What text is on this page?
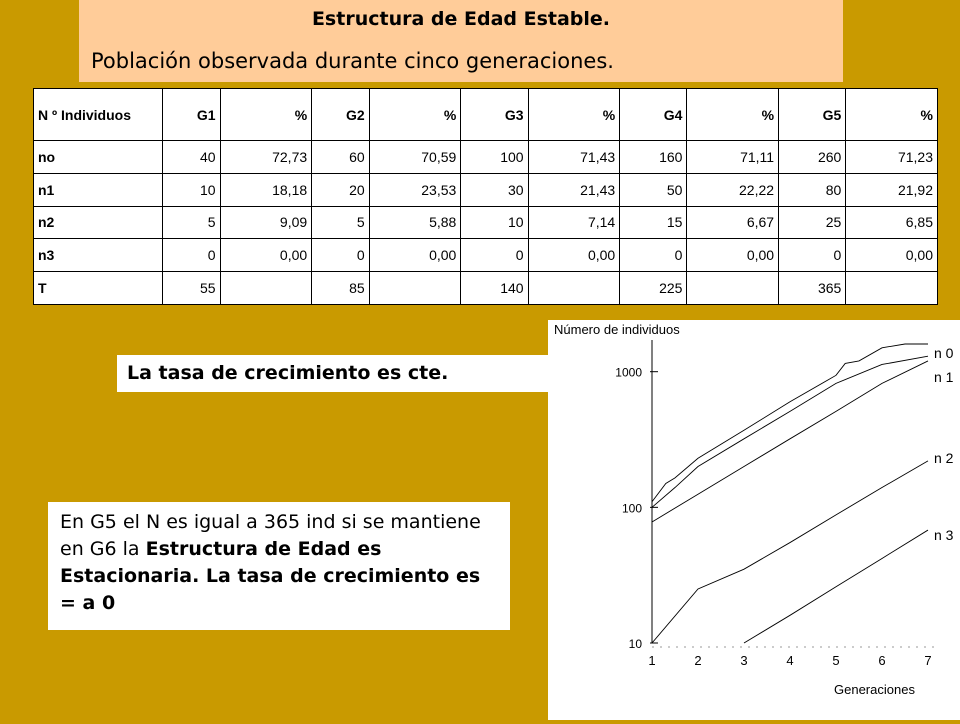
Estructura de Edad Estable.
Población observada durante cinco generaciones.
N º Individuos	G1	%	G2	%	G3	%	G4	%	G5	%
no	40	72,73	60	70,59	100	71,43	160	71,11	260	71,23
n1	10	18,18	20	23,53	30	21,43	50	22,22	80	21,92
n2	5	9,09	5	5,88	10	7,14	15	6,67	25	6,85
n3	0	0,00	0	0,00	0	0,00	0	0,00	0	0,00
T	55		85		140		225		365	
La tasa de crecimiento es cte.
En G5 el N es igual a 365 ind si se mantiene en G6 la Estructura de Edad es Estacionaria. La tasa de crecimiento es = a 0
10
100
1000
1	2	3	4	5	6	7
Número de individuos
Generaciones
n 0
n 1
n 2
n 3
